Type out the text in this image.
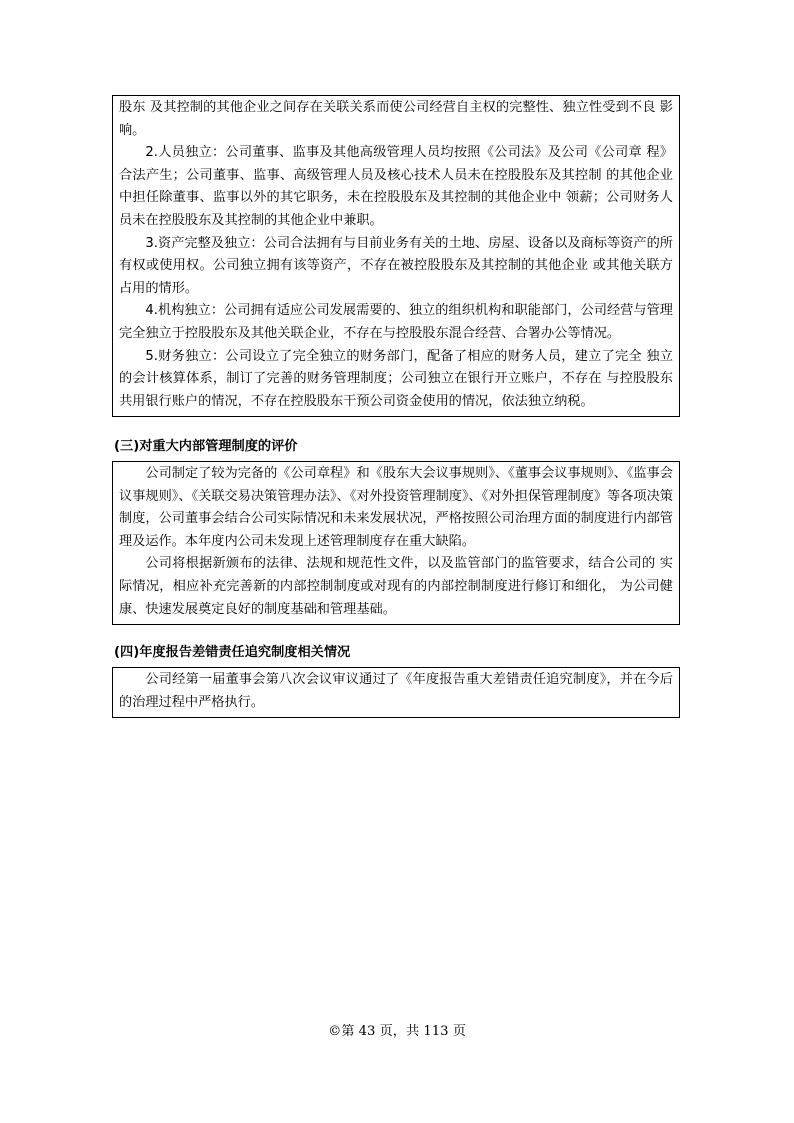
股东 及其控制的其他企业之间存在关联关系而使公司经营自主权的完整性、独立性受到不良 影响。

2.人员独立：公司董事、监事及其他高级管理人员均按照《公司法》及公司《公司章 程》合法产生；公司董事、监事、高级管理人员及核心技术人员未在控股股东及其控制 的其他企业中担任除董事、监事以外的其它职务，未在控股股东及其控制的其他企业中 领薪；公司财务人员未在控股股东及其控制的其他企业中兼职。

3.资产完整及独立：公司合法拥有与目前业务有关的土地、房屋、设备以及商标等资产的所有权或使用权。公司独立拥有该等资产，不存在被控股股东及其控制的其他企业 或其他关联方占用的情形。

4.机构独立：公司拥有适应公司发展需要的、独立的组织机构和职能部门，公司经营与管理完全独立于控股股东及其他关联企业，不存在与控股股东混合经营、合署办公等情况。

5.财务独立：公司设立了完全独立的财务部门，配备了相应的财务人员，建立了完全 独立的会计核算体系，制订了完善的财务管理制度；公司独立在银行开立账户，不存在 与控股股东共用银行账户的情况，不存在控股股东干预公司资金使用的情况，依法独立纳税。

(三)对重大内部管理制度的评价

公司制定了较为完备的《公司章程》和《股东大会议事规则》、《董事会议事规则》、《监事会议事规则》、《关联交易决策管理办法》、《对外投资管理制度》、《对外担保管理制度》等各项决策制度，公司董事会结合公司实际情况和未来发展状况，严格按照公司治理方面的制度进行内部管理及运作。本年度内公司未发现上述管理制度存在重大缺陷。

公司将根据新颁布的法律、法规和规范性文件，以及监管部门的监管要求，结合公司的 实际情况，相应补充完善新的内部控制制度或对现有的内部控制制度进行修订和细化， 为公司健康、快速发展奠定良好的制度基础和管理基础。

(四)年度报告差错责任追究制度相关情况

公司经第一届董事会第八次会议审议通过了《年度报告重大差错责任追究制度》，并在今后的治理过程中严格执行。

©第 43 页，共 113 页
